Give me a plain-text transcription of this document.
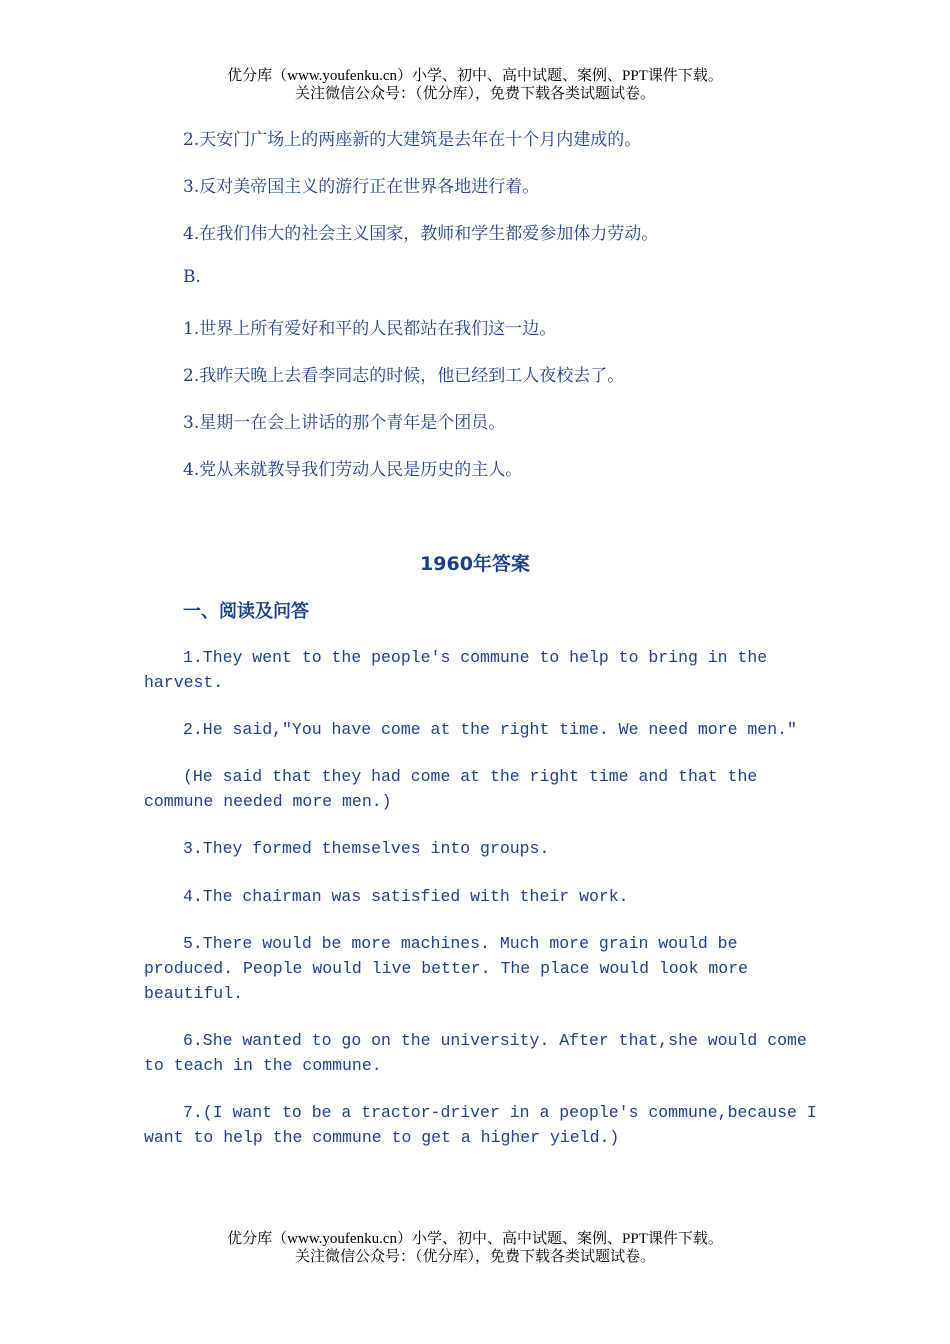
优分库（www.youfenku.cn）小学、初中、高中试题、案例、PPT课件下载。
关注微信公众号：（优分库），免费下载各类试题试卷。
2.天安门广场上的两座新的大建筑是去年在十个月内建成的。
3.反对美帝国主义的游行正在世界各地进行着。
4.在我们伟大的社会主义国家，教师和学生都爱参加体力劳动。
B.
1.世界上所有爱好和平的人民都站在我们这一边。
2.我昨天晚上去看李同志的时候，他已经到工人夜校去了。
3.星期一在会上讲话的那个青年是个团员。
4.党从来就教导我们劳动人民是历史的主人。
1960年答案
一、阅读及问答
1.They went to the people's commune to help to bring in the
harvest.
2.He said,"You have come at the right time. We need more men."
(He said that they had come at the right time and that the
commune needed more men.)
3.They formed themselves into groups.
4.The chairman was satisfied with their work.
5.There would be more machines. Much more grain would be
produced. People would live better. The place would look more
beautiful.
6.She wanted to go on the university. After that,she would come
to teach in the commune.
7.(I want to be a tractor-driver in a people's commune,because I
want to help the commune to get a higher yield.)
优分库（www.youfenku.cn）小学、初中、高中试题、案例、PPT课件下载。
关注微信公众号：（优分库），免费下载各类试题试卷。
